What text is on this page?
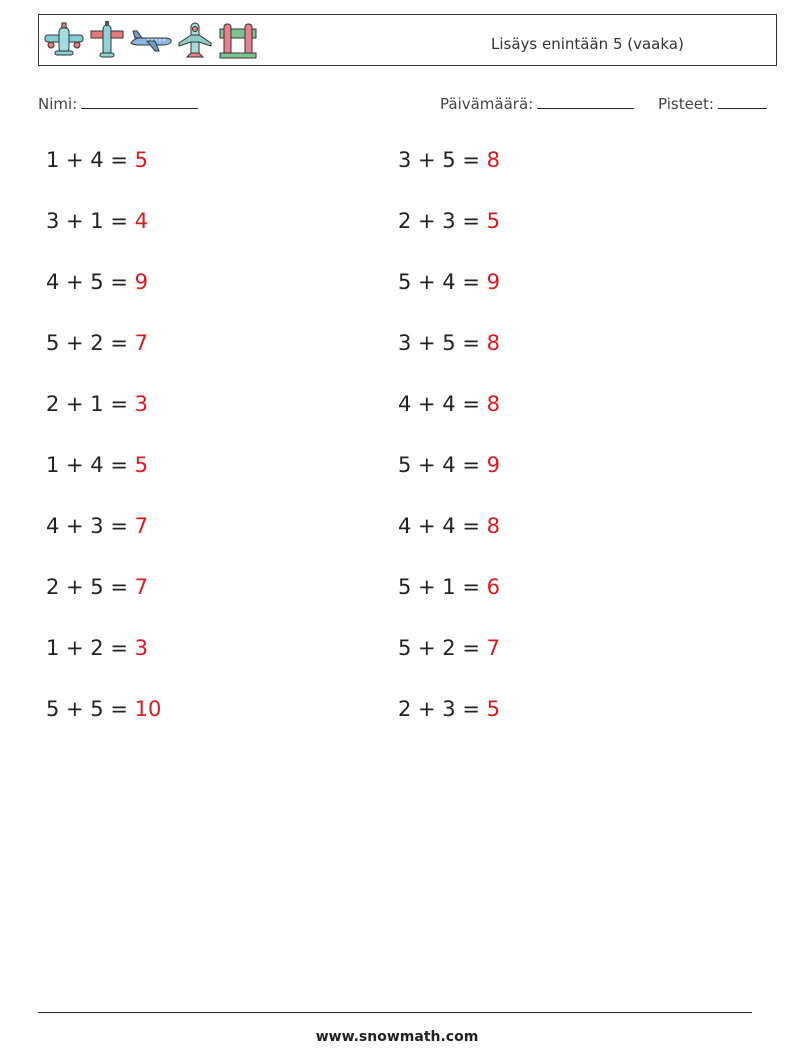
Lisäys enintään 5 (vaaka)
Nimi:	Päivämäärä:	Pisteet:
1 + 4 = 5	3 + 5 = 8
3 + 1 = 4	2 + 3 = 5
4 + 5 = 9	5 + 4 = 9
5 + 2 = 7	3 + 5 = 8
2 + 1 = 3	4 + 4 = 8
1 + 4 = 5	5 + 4 = 9
4 + 3 = 7	4 + 4 = 8
2 + 5 = 7	5 + 1 = 6
1 + 2 = 3	5 + 2 = 7
5 + 5 = 10	2 + 3 = 5
www.snowmath.com
